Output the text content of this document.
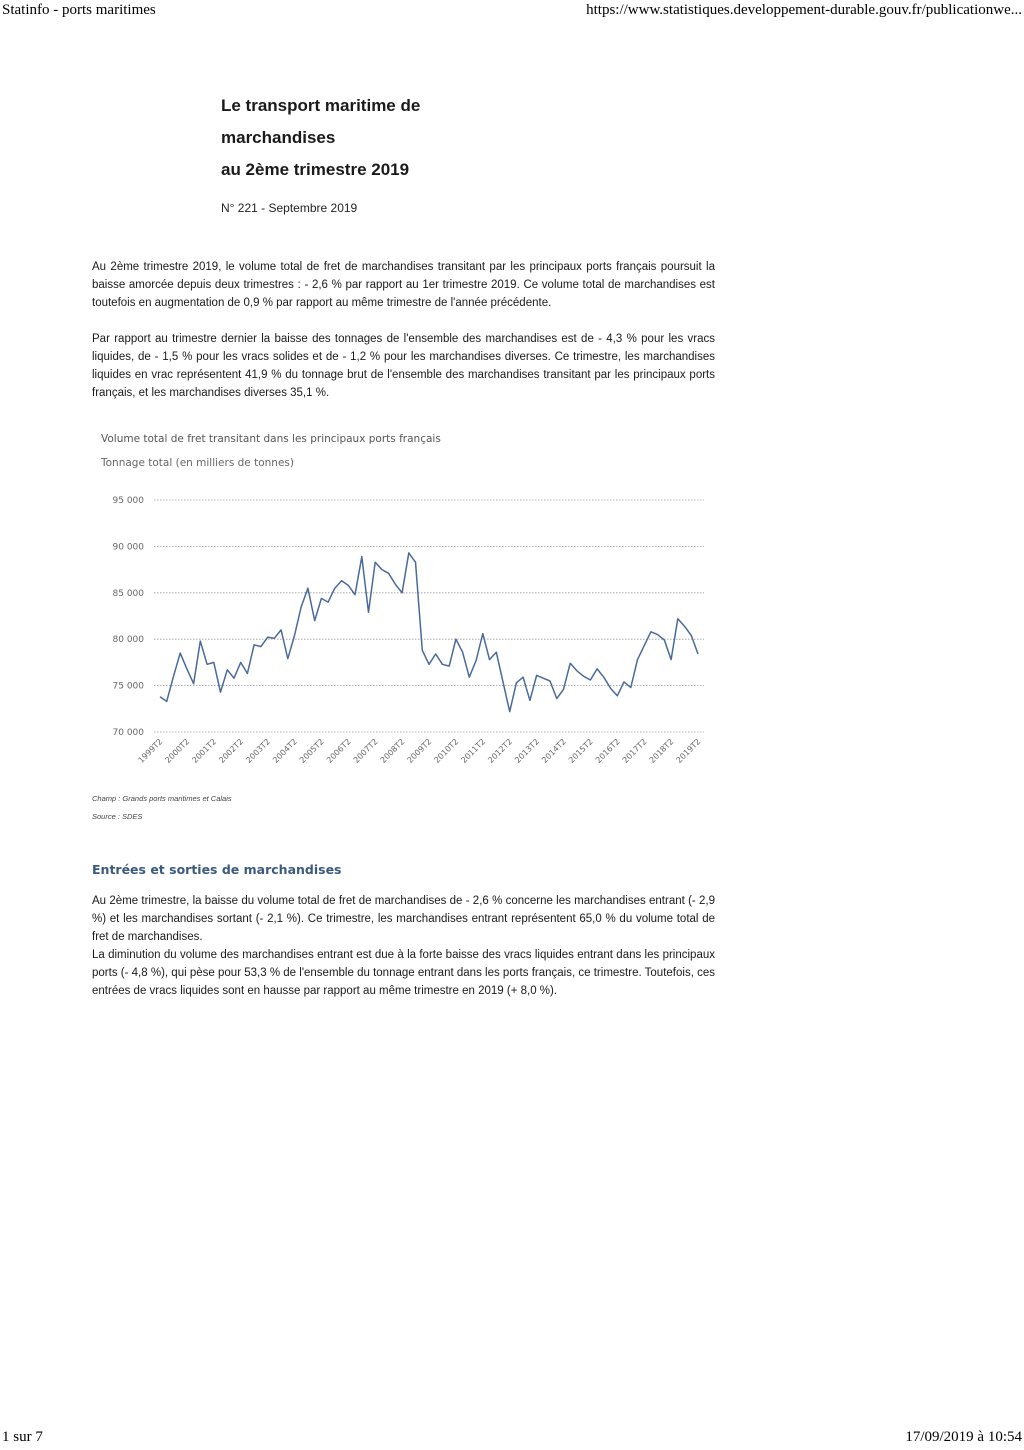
Statinfo - ports maritimes	https://www.statistiques.developpement-durable.gouv.fr/publicationwe...
Le transport maritime de
marchandises
au 2ème trimestre 2019
N° 221 - Septembre 2019

Au 2ème trimestre 2019, le volume total de fret de marchandises transitant par les principaux ports français poursuit la baisse amorcée depuis deux trimestres : - 2,6 % par rapport au 1er trimestre 2019. Ce volume total de marchandises est toutefois en augmentation de 0,9 % par rapport au même trimestre de l'année précédente.

Par rapport au trimestre dernier la baisse des tonnages de l'ensemble des marchandises est de - 4,3 % pour les vracs liquides, de - 1,5 % pour les vracs solides et de - 1,2 % pour les marchandises diverses. Ce trimestre, les marchandises liquides en vrac représentent 41,9 % du tonnage brut de l'ensemble des marchandises transitant par les principaux ports français, et les marchandises diverses 35,1 %.

Volume total de fret transitant dans les principaux ports français
Tonnage total (en milliers de tonnes)
70 000
75 000
80 000
85 000
90 000
95 000
1999T2 2000T2 2001T2 2002T2 2003T2 2004T2 2005T2 2006T2 2007T2 2008T2 2009T2 2010T2 2011T2 2012T2 2013T2 2014T2 2015T2 2016T2 2017T2 2018T2 2019T2
Champ : Grands ports maritimes et Calais
Source : SDES
Entrées et sorties de marchandises

Au 2ème trimestre, la baisse du volume total de fret de marchandises de - 2,6 % concerne les marchandises entrant (- 2,9 %) et les marchandises sortant (- 2,1 %). Ce trimestre, les marchandises entrant représentent 65,0 % du volume total de fret de marchandises.

La diminution du volume des marchandises entrant est due à la forte baisse des vracs liquides entrant dans les principaux ports (- 4,8 %), qui pèse pour 53,3 % de l'ensemble du tonnage entrant dans les ports français, ce trimestre. Toutefois, ces entrées de vracs liquides sont en hausse par rapport au même trimestre en 2019 (+ 8,0 %).

1 sur 7	17/09/2019 à 10:54
